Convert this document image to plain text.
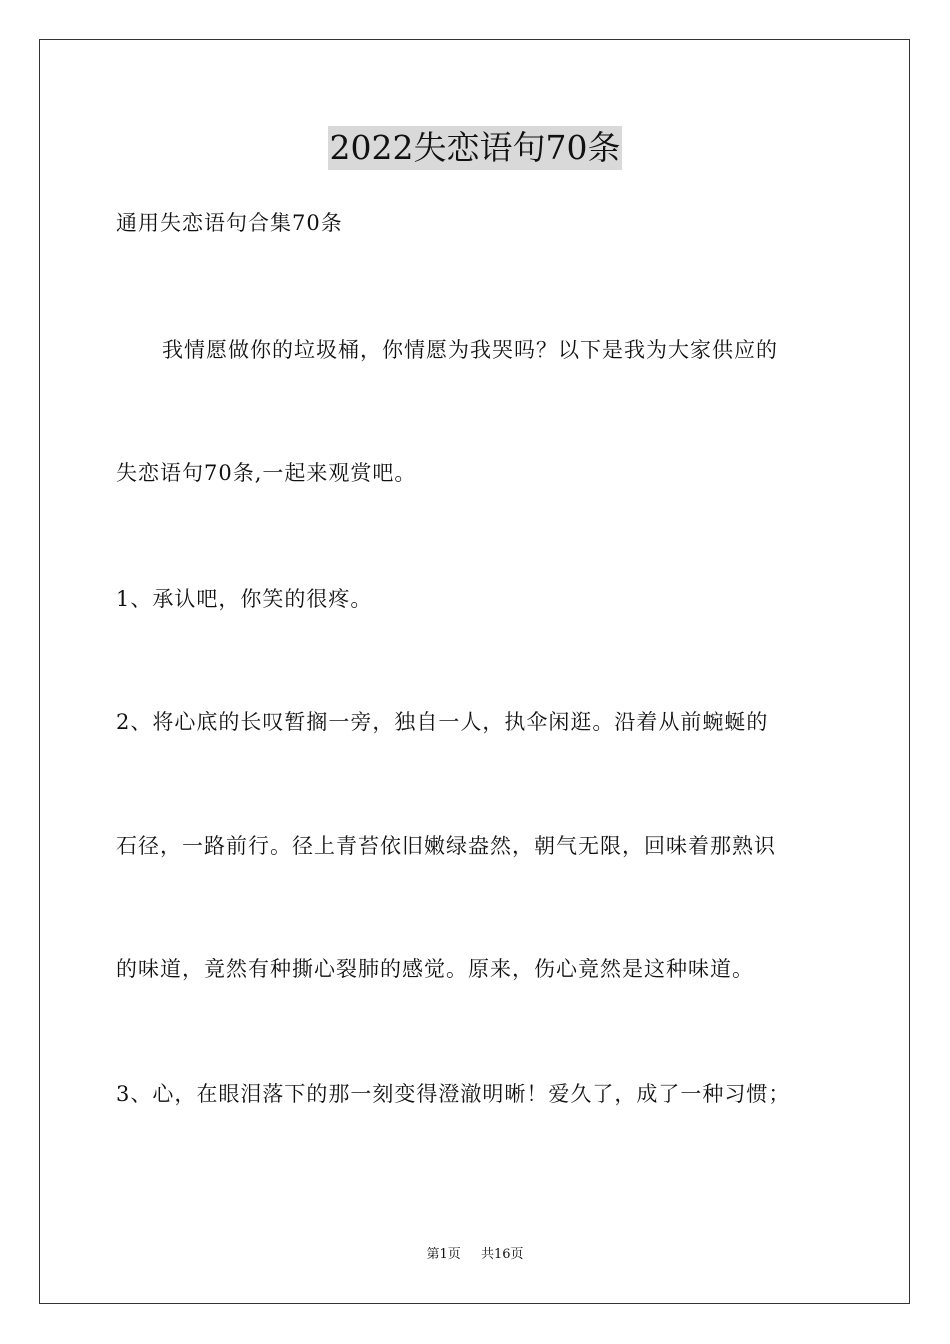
2022失恋语句70条
通用失恋语句合集70条
我情愿做你的垃圾桶，你情愿为我哭吗？以下是我为大家供应的
失恋语句70条,一起来观赏吧。
1、承认吧，你笑的很疼。
2、将心底的长叹暂搁一旁，独自一人，执伞闲逛。沿着从前蜿蜒的
石径，一路前行。径上青苔依旧嫩绿盎然，朝气无限，回味着那熟识
的味道，竟然有种撕心裂肺的感觉。原来，伤心竟然是这种味道。
3、心，在眼泪落下的那一刻变得澄澈明晰！爱久了，成了一种习惯；
第1页 共16页
